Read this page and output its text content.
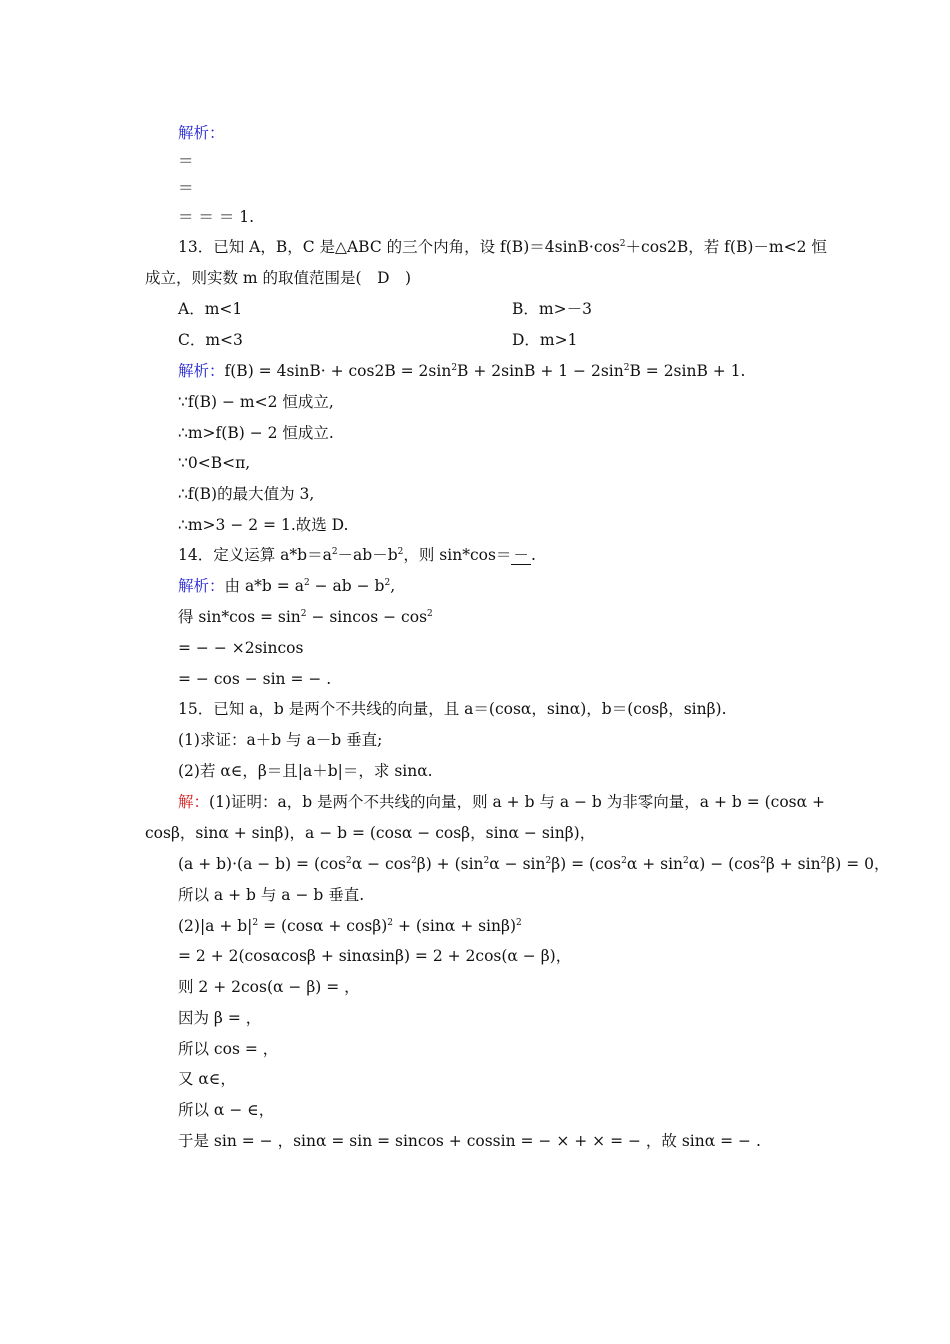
解析：
＝
＝
＝ ＝ ＝ 1.
13．已知 A，B，C 是△ABC 的三个内角，设 $f(B)=4\sin B\cdot\cos^2+\cos 2B$，若 f(B)－m<2 恒
成立，则实数 m 的取值范围是(　D　)
A．m<1	B．m>－3
C．m<3	D．m>1
解析：$f(B) = 4\sin B\cdot + \cos 2B = 2\sin^2B + 2\sin B + 1 - 2\sin^2B = 2\sin B + 1$.
∵f(B) − m<2 恒成立,
∴m>f(B) − 2 恒成立.
∵0<B<π,
∴f(B)的最大值为 3,
∴m>3 − 2 = 1.故选 D.
14．定义运算 $a*b=a^2-ab-b^2$，则 sin*cos＝ － .
解析：由 $a*b = a^2$ − ab − $b^2$,
得 $\sin*\cos = \sin^2 - sincos - \cos^2$
= − − ×2sincos
= − cos − sin = − .
15．已知 a，b 是两个不共线的向量，且 a＝(cosα，sinα)，b＝(cosβ，sinβ).
(1)求证：a＋b 与 a－b 垂直;
(2)若 α∈，β＝且|a＋b|＝，求 sinα.
解：(1)证明：a，b 是两个不共线的向量，则 a + b 与 a − b 为非零向量，a + b = (cosα +
cosβ，sinα + sinβ)，a − b = (cosα − cosβ，sinα − sinβ)，
$(a + b)\cdot(a - b) = (\cos^2\alpha - \cos^2\beta) + (\sin^2\alpha - \sin^2\beta) = (\cos^2\alpha + \sin^2\alpha) - (\cos^2\beta + \sin^2\beta) = 0$，
所以 a + b 与 a − b 垂直.
$(2)|a + b|^2 = (\cos\alpha + \cos\beta)^2 + (\sin\alpha + \sin\beta)^2$
= 2 + 2(cosαcosβ + sinαsinβ) = 2 + 2cos(α − β)，
则 2 + 2cos(α − β) = ，
因为 β = ，
所以 cos = ，
又 α∈，
所以 α − ∈，
于是 sin = − ，sinα = sin = sincos + cossin = − × + × = − ，故 sinα = − .
